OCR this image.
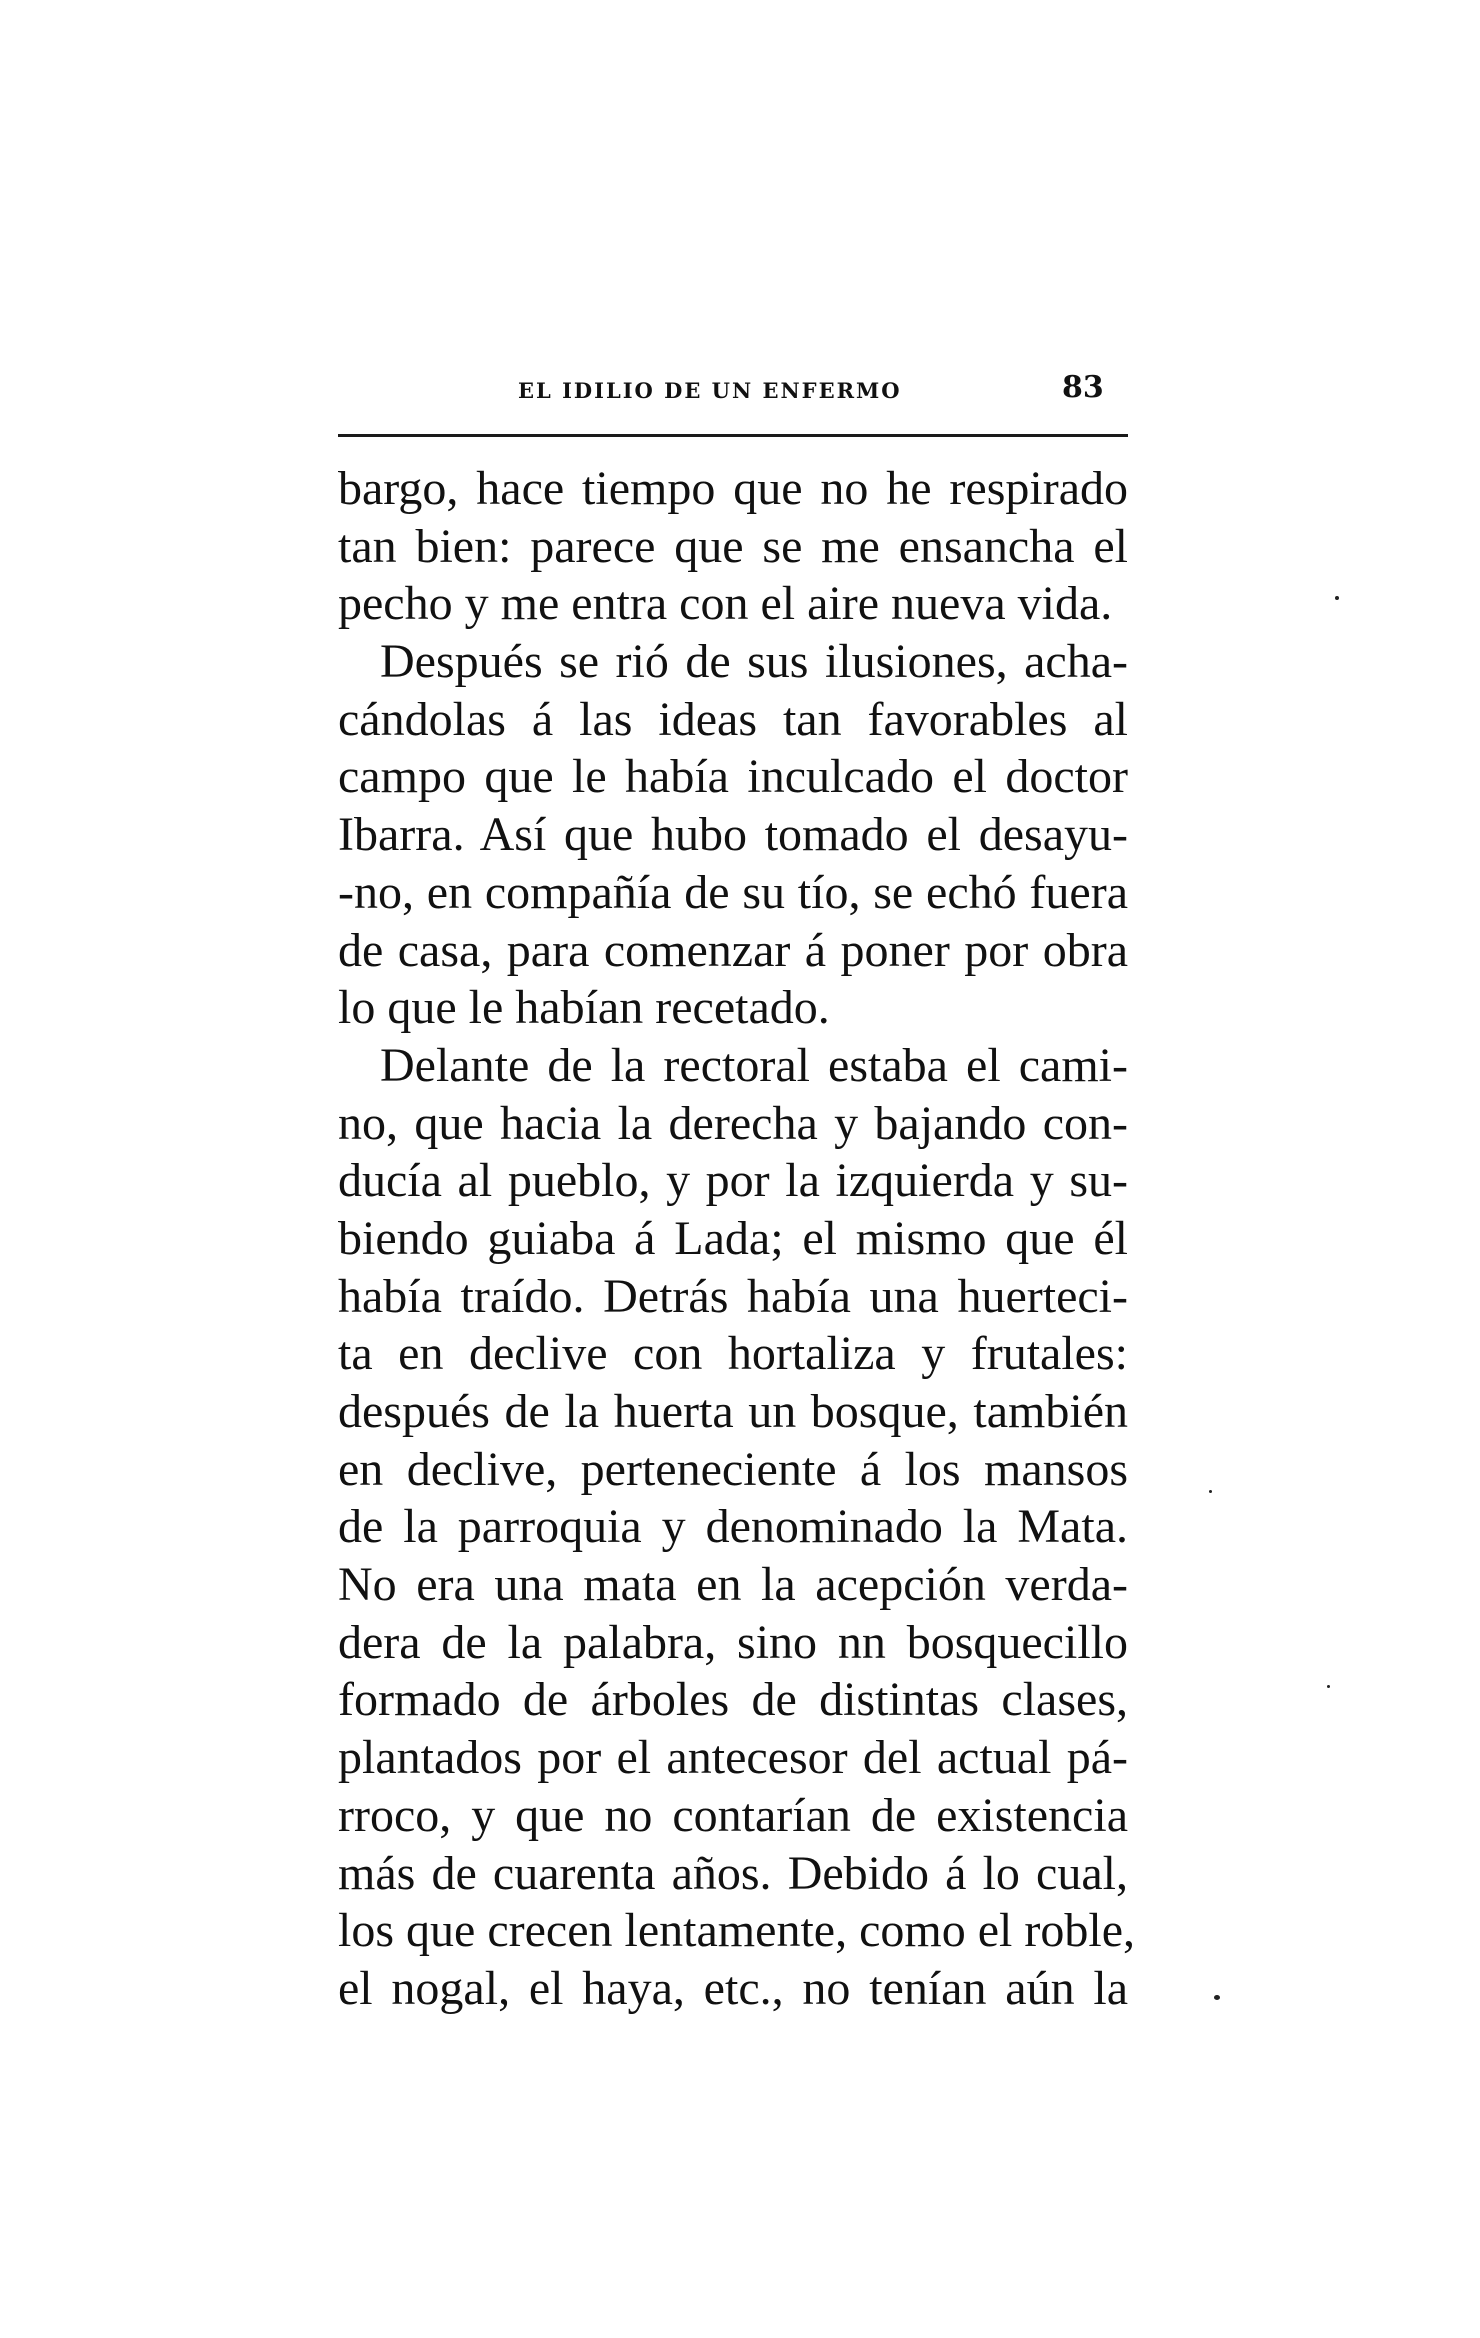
EL IDILIO DE UN ENFERMO	83
bargo, hace tiempo que no he respirado
tan bien: parece que se me ensancha el
pecho y me entra con el aire nueva vida.
Después se rió de sus ilusiones, acha-
cándolas á las ideas tan favorables al
campo que le había inculcado el doctor
Ibarra. Así que hubo tomado el desayu-
-no, en compañía de su tío, se echó fuera
de casa, para comenzar á poner por obra
lo que le habían recetado.
Delante de la rectoral estaba el cami-
no, que hacia la derecha y bajando con-
ducía al pueblo, y por la izquierda y su-
biendo guiaba á Lada; el mismo que él
había traído. Detrás había una huerteci-
ta en declive con hortaliza y frutales:
después de la huerta un bosque, también
en declive, perteneciente á los mansos
de la parroquia y denominado la Mata.
No era una mata en la acepción verda-
dera de la palabra, sino nn bosquecillo
formado de árboles de distintas clases,
plantados por el antecesor del actual pá-
rroco, y que no contarían de existencia
más de cuarenta años. Debido á lo cual,
los que crecen lentamente, como el roble,
el nogal, el haya, etc., no tenían aún la
